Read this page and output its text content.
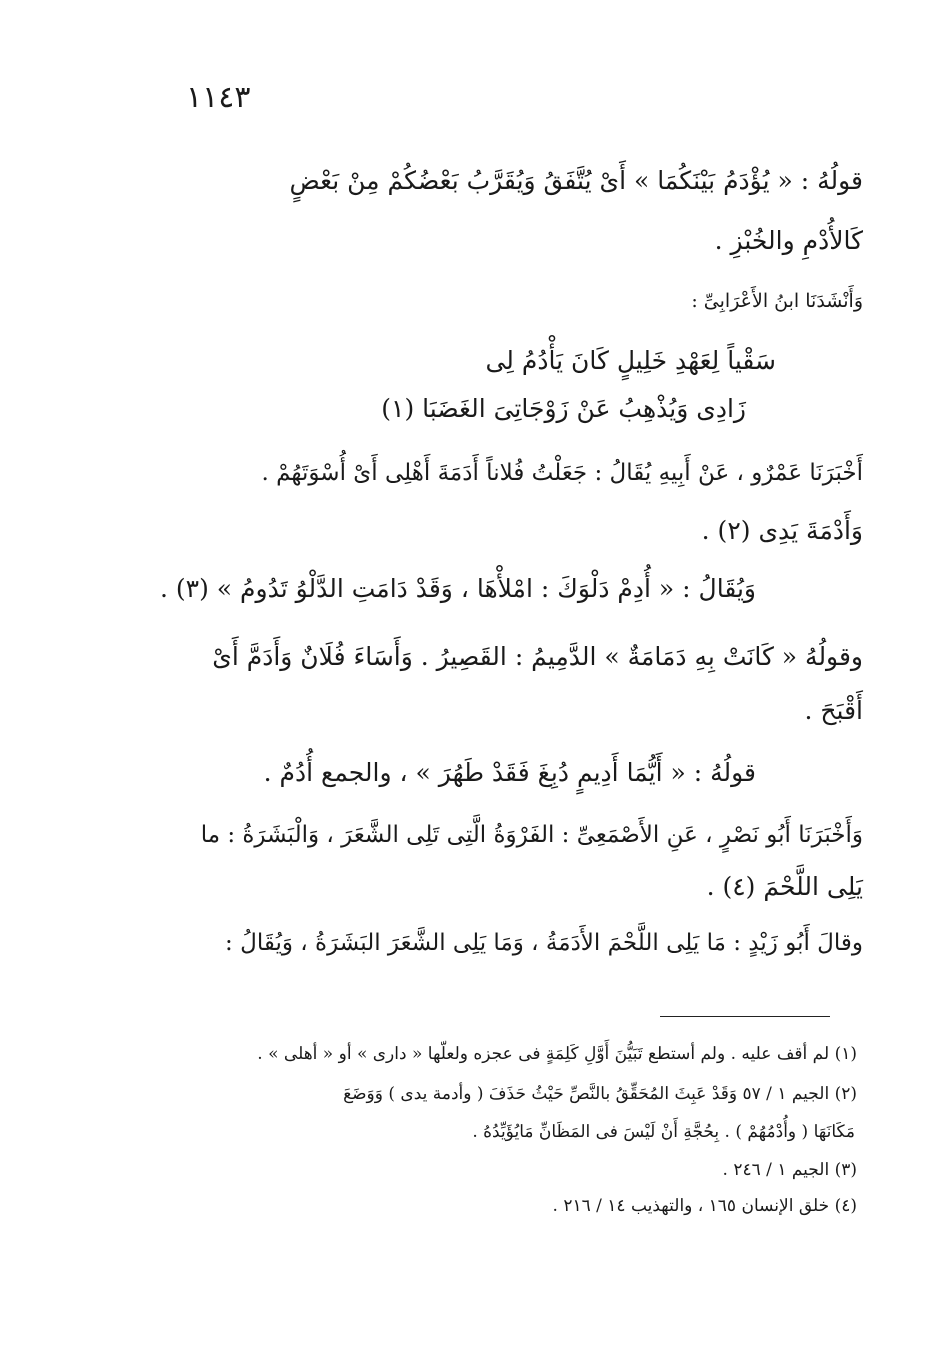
١١٤٣
قولُهُ : « يُؤْدَمُ بَيْنَكُمَا » أَىْ يُتَّفَقُ وَيُقَرَّبُ بَعْضُكُمْ مِنْ بَعْضٍ
كَالأُدْمِ والخُبْزِ .
وَأَنْشَدَنَا ابنُ الأَعْرَابِىِّ :
سَقْياً لِعَهْدِ خَلِيلٍ كَانَ يَأْدُمُ لِى
زَادِى وَيُذْهِبُ عَنْ زَوْجَاتِىَ الغَضَبَا (١)
أَخْبَرَنَا عَمْرٌو ، عَنْ أَبِيهِ يُقَالُ : جَعَلْتُ فُلاناً أَدَمَةَ أَهْلِى أَىْ أُسْوَتَهُمْ .
وَأَدْمَةَ يَدِى (٢) .
وَيُقَالُ : « أُدِمْ دَلْوَكَ : امْلأْهَا ، وَقَدْ دَامَتِ الدَّلْوُ تَدُومُ » (٣) .
وقولُهُ « كَانَتْ بِهِ دَمَامَةٌ » الدَّمِيمُ : القَصِيرُ . وَأَسَاءَ فُلَانٌ وَأَدَمَّ أَىْ
أَقْبَحَ .
قولُهُ : « أَيُّمَا أَدِيمٍ دُبِغَ فَقَدْ طَهُرَ » ، والجمع أُدُمٌ .
وَأَخْبَرَنَا أَبُو نَصْرٍ ، عَنِ الأَصْمَعِىِّ : الفَرْوَةُ الَّتِى تَلِى الشَّعَرَ ، وَالْبَشَرَةُ : ما
يَلِى اللَّحْمَ (٤) .
وقالَ أَبُو زَيْدٍ : مَا يَلِى اللَّحْمَ الأَدَمَةُ ، وَمَا يَلِى الشَّعَرَ البَشَرَةُ ، وَيُقَالُ :
(١) لم أقف عليه . ولم أستطع تَبَيُّنَ أَوَّلِ كَلِمَةٍ فى عجزه ولعلّها « دارى » أو « أهلى » .
(٢) الجيم ١ / ٥٧ وَقَدْ عَبِثَ المُحَقِّقُ بالنَّصِّ حَيْثُ حَذَفَ ( وأدمة يدى ) وَوَضَعَ
مَكَانَهَا ( وأُدْمُهُمْ ) . بِحُجَّةِ أَنْ لَيْسَ فى المَظَانِّ مَايُؤَيِّدُهُ .
(٣) الجيم ١ / ٢٤٦ .
(٤) خلق الإنسان ١٦٥ ، والتهذيب ١٤ / ٢١٦ .
